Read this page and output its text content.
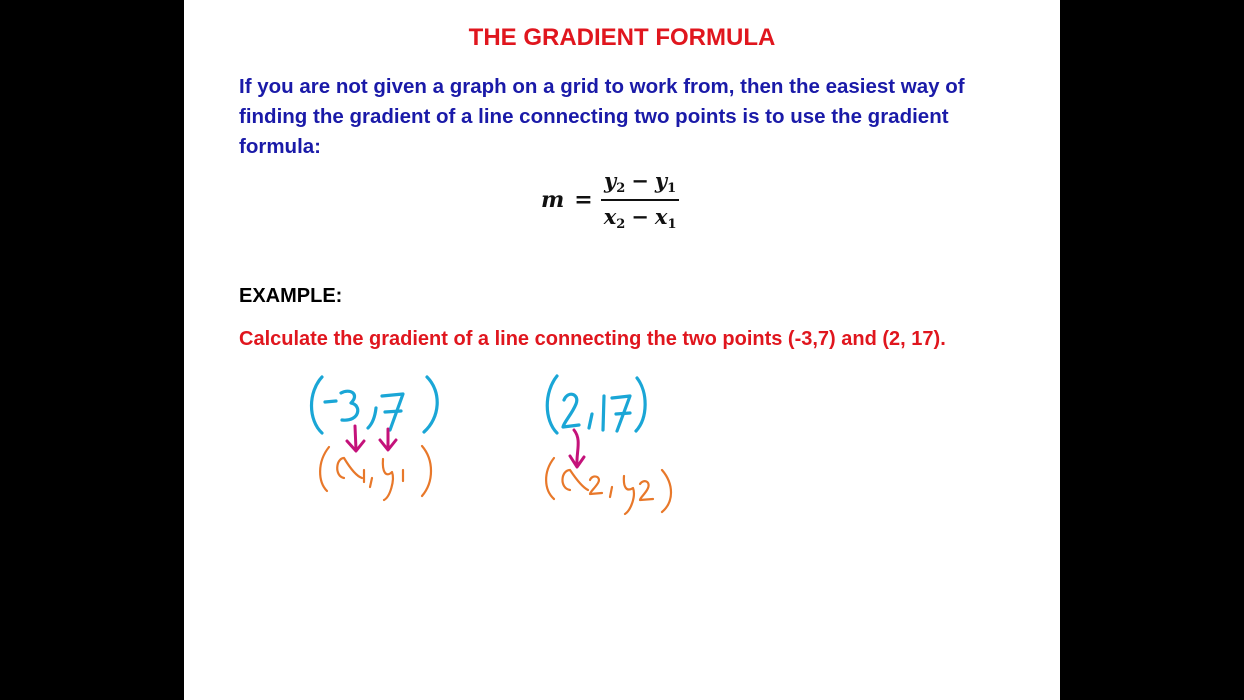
THE GRADIENT FORMULA
If you are not given a graph on a grid to work from, then the easiest way of finding the gradient of a line connecting two points is to use the gradient formula:
$m = \frac{y_2 - y_1}{x_2 - x_1}$
EXAMPLE:
Calculate the gradient of a line connecting the two points (-3,7) and (2, 17).
